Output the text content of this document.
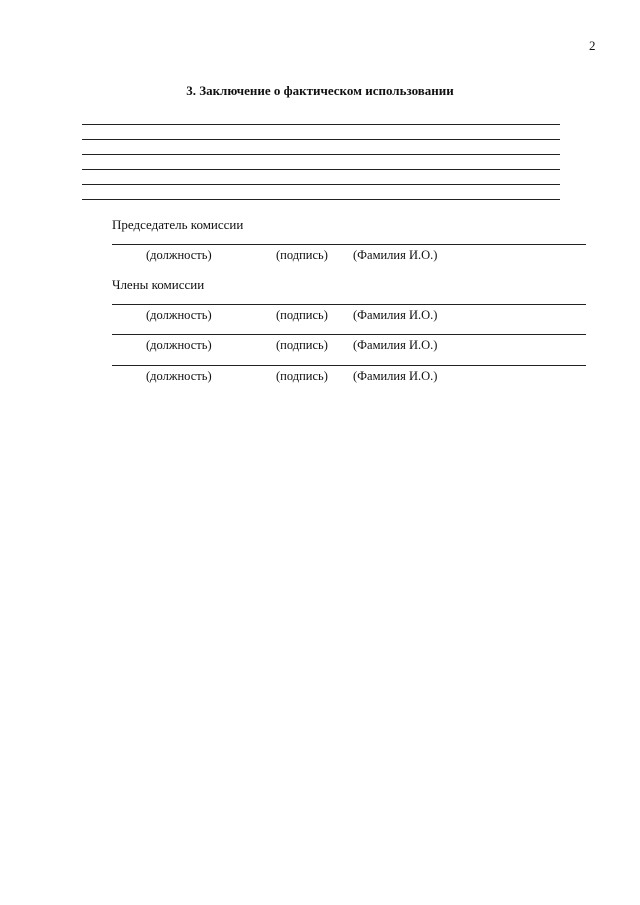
2
3. Заключение о фактическом использовании
Председатель комиссии
(должность)	(подпись) (Фамилия И.О.)
Члены комиссии
(должность)	(подпись) (Фамилия И.О.)
(должность)	(подпись) (Фамилия И.О.)
(должность)	(подпись) (Фамилия И.О.)
